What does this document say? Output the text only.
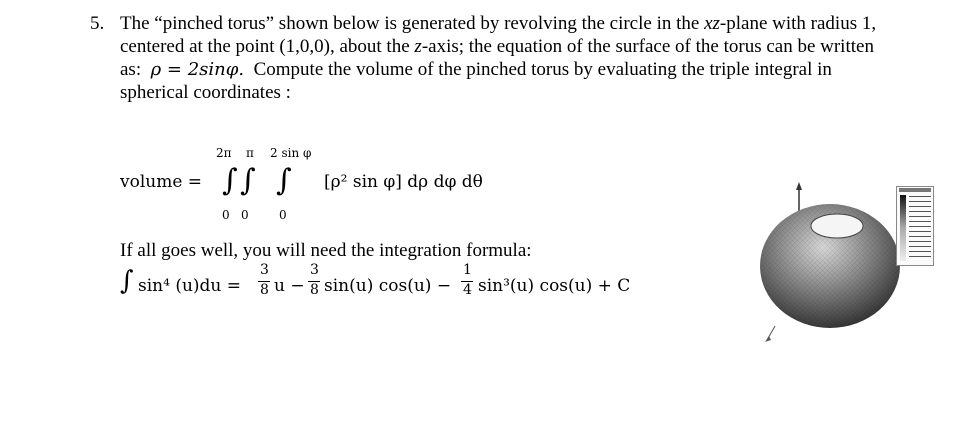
5. The “pinched torus” shown below is generated by revolving the circle in the xz-plane with radius 1,
centered at the point (1,0,0), about the z-axis; the equation of the surface of the torus can be written
as: ρ = 2sinφ. Compute the volume of the pinched torus by evaluating the triple integral in
spherical coordinates :
volume =
2π π 2 sin φ
∫ ∫ ∫
0 0	0
[ρ² sin φ] dρ dφ dθ
If all goes well, you will need the integration formula:
∫ sin⁴ (u)du =
3
8 u −
3
8 sin(u) cos(u) −
1
4 sin³(u) cos(u) + C
